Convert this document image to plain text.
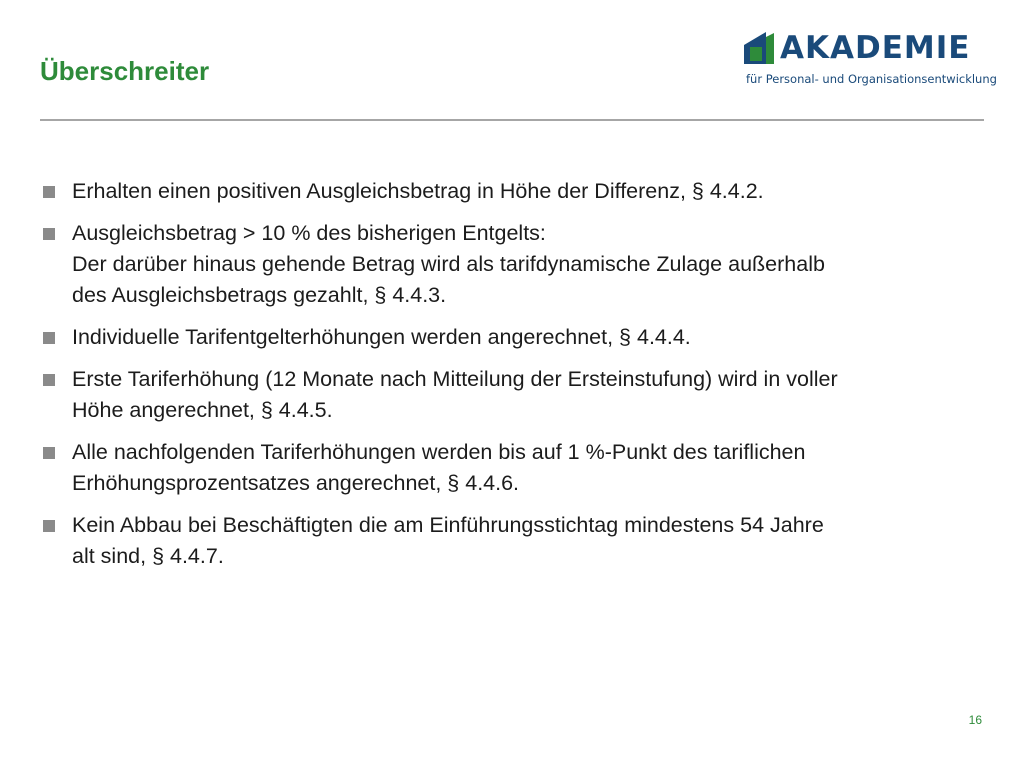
Überschreiter
AKADEMIE
für Personal- und Organisationsentwicklung
Erhalten einen positiven Ausgleichsbetrag in Höhe der Differenz, § 4.4.2.
Ausgleichsbetrag > 10 % des bisherigen Entgelts:
Der darüber hinaus gehende Betrag wird als tarifdynamische Zulage außerhalb
des Ausgleichsbetrags gezahlt, § 4.4.3.
Individuelle Tarifentgelterhöhungen werden angerechnet, § 4.4.4.
Erste Tariferhöhung (12 Monate nach Mitteilung der Ersteinstufung) wird in voller
Höhe angerechnet, § 4.4.5.
Alle nachfolgenden Tariferhöhungen werden bis auf 1 %-Punkt des tariflichen
Erhöhungsprozentsatzes angerechnet, § 4.4.6.
Kein Abbau bei Beschäftigten die am Einführungsstichtag mindestens 54 Jahre
alt sind, § 4.4.7.
16
